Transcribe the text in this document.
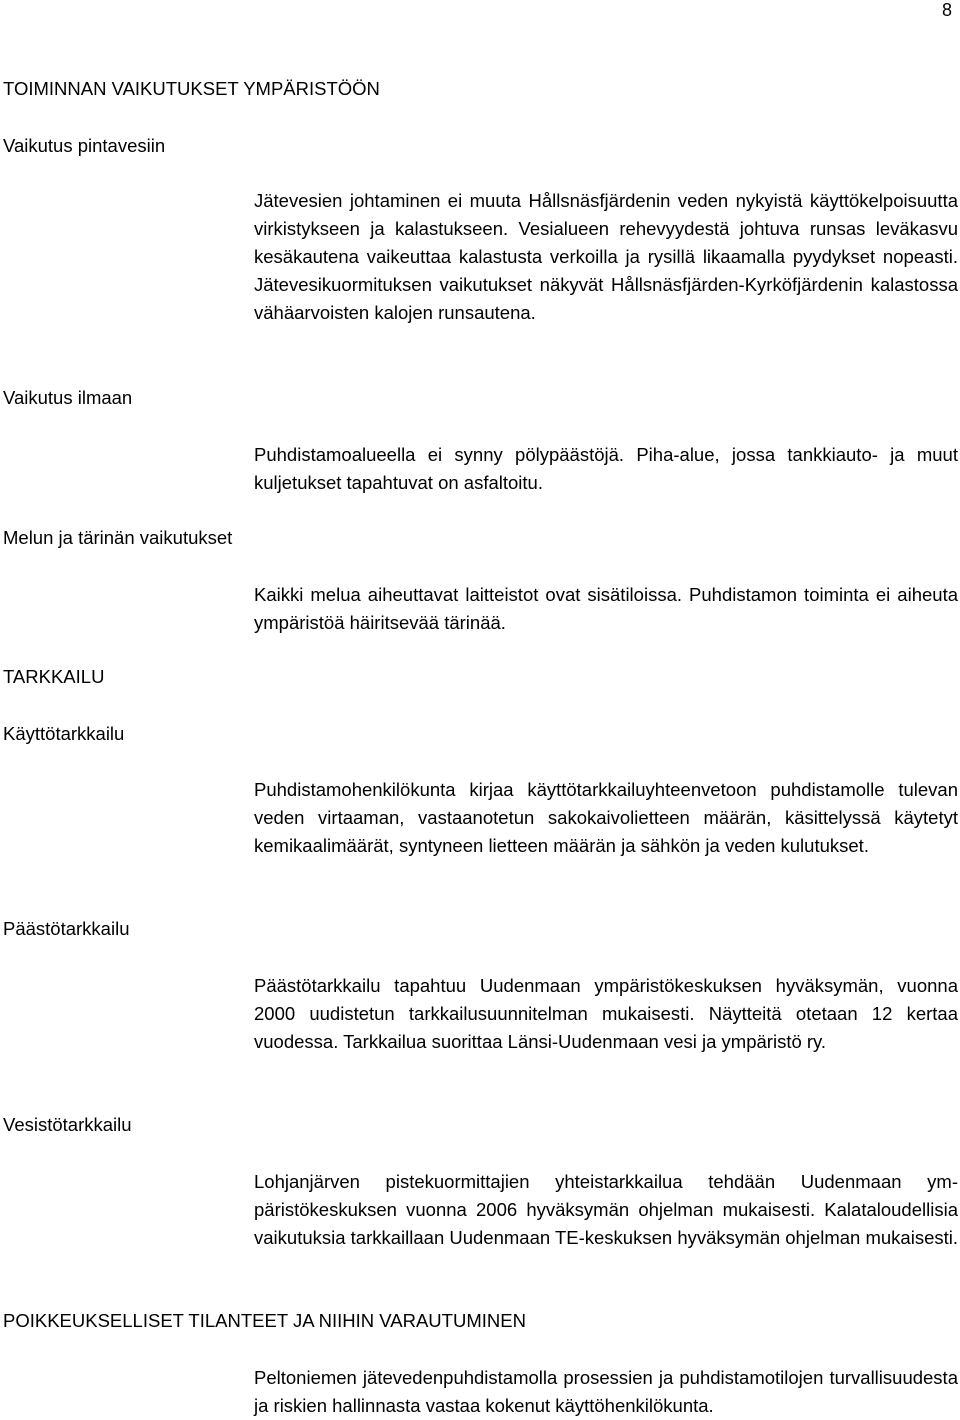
8
TOIMINNAN VAIKUTUKSET YMPÄRISTÖÖN
Vaikutus pintavesiin
Jätevesien johtaminen ei muuta Hållsnäsfjärdenin veden nykyistä käyttökelpoisuutta virkistykseen ja kalastukseen. Vesialueen rehevyydestä johtuva runsas leväkasvu kesäkautena vaikeuttaa kalastusta verkoilla ja rysillä likaamalla pyydykset nopeasti. Jätevesikuormituksen vaikutukset näkyvät Hållsnäsfjärden-Kyrköfjärdenin kalastossa vähäarvoisten kalojen runsautena.
Vaikutus ilmaan
Puhdistamoalueella ei synny pölypäästöjä. Piha-alue, jossa tankkiauto- ja muut kuljetukset tapahtuvat on asfaltoitu.
Melun ja tärinän vaikutukset
Kaikki melua aiheuttavat laitteistot ovat sisätiloissa. Puhdistamon toiminta ei aiheuta ympäristöä häiritsevää tärinää.
TARKKAILU
Käyttötarkkailu
Puhdistamohenkilökunta kirjaa käyttötarkkailuyhteenvetoon puhdistamolle tulevan veden virtaaman, vastaanotetun sakokaivolietteen määrän, käsittelyssä käytetyt kemikaalimäärät, syntyneen lietteen määrän ja sähkön ja veden kulutukset.
Päästötarkkailu
Päästötarkkailu tapahtuu Uudenmaan ympäristökeskuksen hyväksymän, vuonna 2000 uudistetun tarkkailusuunnitelman mukaisesti. Näytteitä otetaan 12 kertaa vuodessa. Tarkkailua suorittaa Länsi-Uudenmaan vesi ja ympäristö ry.
Vesistötarkkailu
Lohjanjärven pistekuormittajien yhteistarkkailua tehdään Uudenmaan ympäristökeskuksen vuonna 2006 hyväksymän ohjelman mukaisesti. Kalataloudellisia vaikutuksia tarkkaillaan Uudenmaan TE-keskuksen hyväksymän ohjelman mukaisesti.
POIKKEUKSELLISET TILANTEET JA NIIHIN VARAUTUMINEN
Peltoniemen jätevedenpuhdistamolla prosessien ja puhdistamotilojen turvallisuudesta ja riskien hallinnasta vastaa kokenut käyttöhenkilökunta.
